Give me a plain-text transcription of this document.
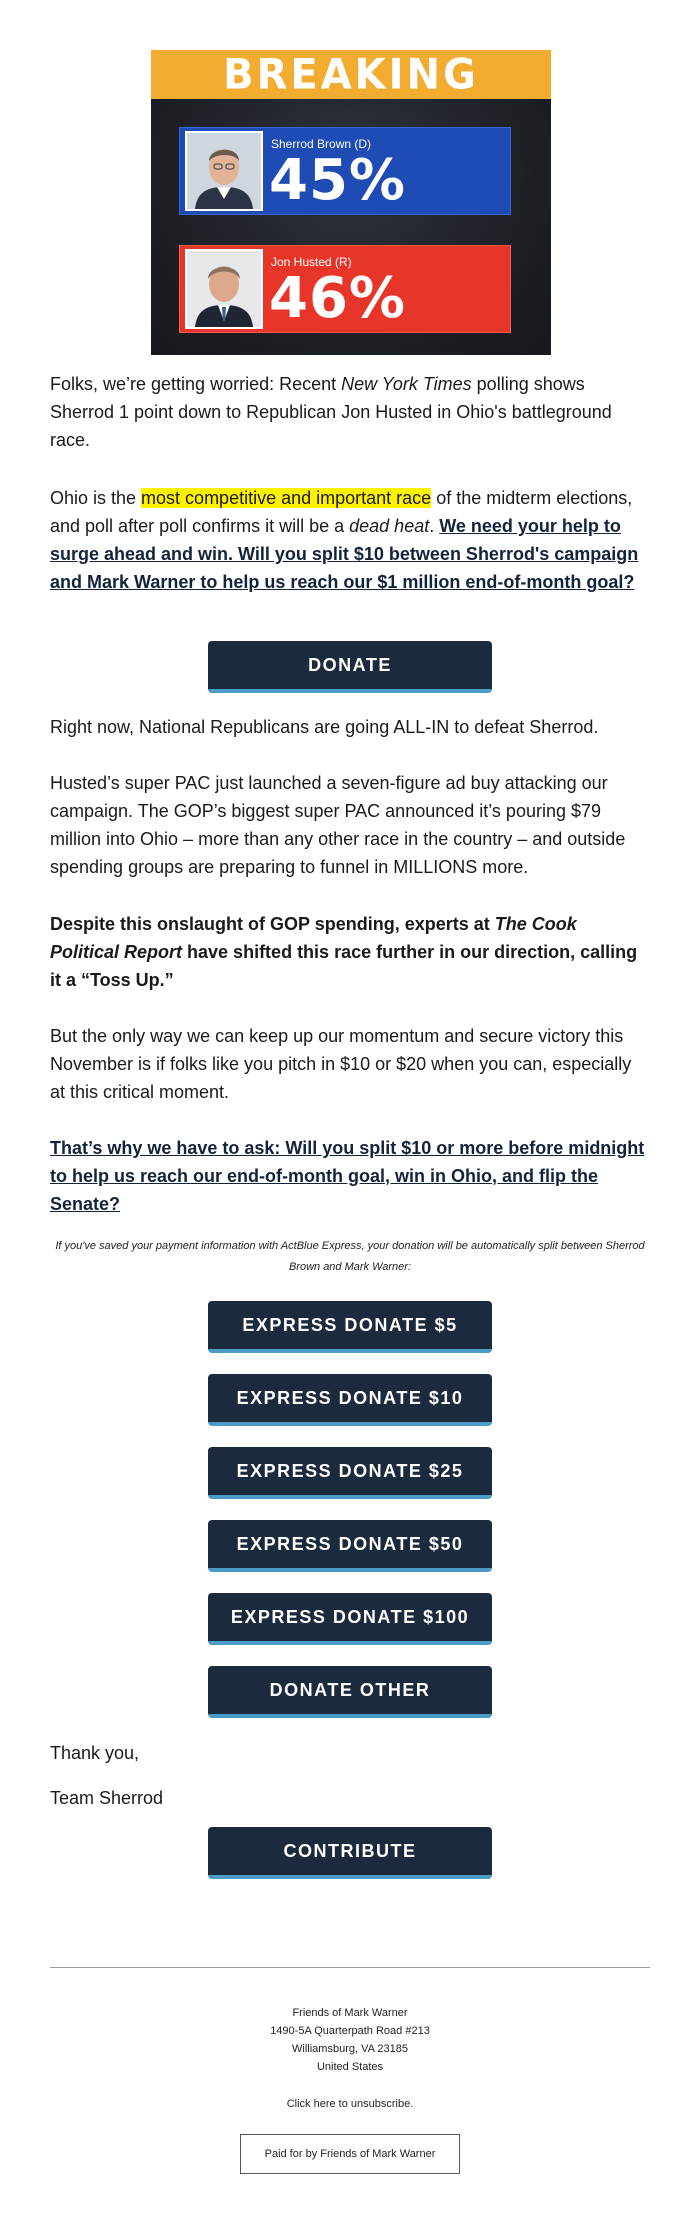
BREAKING
Sherrod Brown (D)
45%
Jon Husted (R)
46%

Folks, we’re getting worried: Recent New York Times polling shows Sherrod 1 point down to Republican Jon Husted in Ohio's battleground race.

Ohio is the most competitive and important race of the midterm elections, and poll after poll confirms it will be a dead heat. We need your help to surge ahead and win. Will you split $10 between Sherrod's campaign and Mark Warner to help us reach our $1 million end-of-month goal?

DONATE

Right now, National Republicans are going ALL-IN to defeat Sherrod.

Husted’s super PAC just launched a seven-figure ad buy attacking our campaign. The GOP’s biggest super PAC announced it’s pouring $79 million into Ohio – more than any other race in the country – and outside spending groups are preparing to funnel in MILLIONS more.

Despite this onslaught of GOP spending, experts at The Cook Political Report have shifted this race further in our direction, calling it a “Toss Up.”

But the only way we can keep up our momentum and secure victory this November is if folks like you pitch in $10 or $20 when you can, especially at this critical moment.

That’s why we have to ask: Will you split $10 or more before midnight to help us reach our end-of-month goal, win in Ohio, and flip the Senate?

If you've saved your payment information with ActBlue Express, your donation will be automatically split between Sherrod Brown and Mark Warner:
EXPRESS DONATE $5
EXPRESS DONATE $10
EXPRESS DONATE $25
EXPRESS DONATE $50
EXPRESS DONATE $100
DONATE OTHER

Thank you,

Team Sherrod

CONTRIBUTE
Friends of Mark Warner
1490-5A Quarterpath Road #213
Williamsburg, VA 23185
United States
Click here to unsubscribe.
Paid for by Friends of Mark Warner
